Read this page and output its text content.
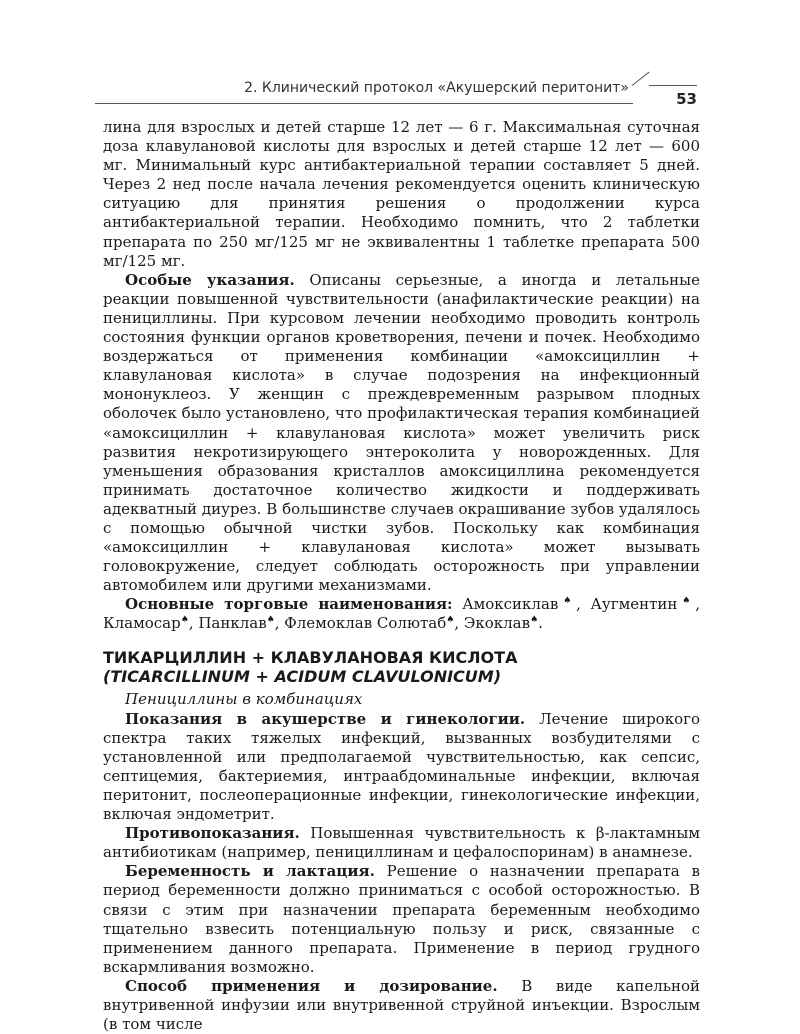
2. Клинический протокол «Акушерский перитонит»
53

лина для взрослых и детей старше 12 лет — 6 г. Максимальная суточная доза клавулановой кислоты для взрослых и детей старше 12 лет — 600 мг. Минимальный курс антибактериальной терапии составляет 5 дней. Через 2 нед после начала лечения рекомендуется оценить клиническую ситуацию для принятия решения о продолжении курса антибактериальной терапии. Необходимо помнить, что 2 таблетки препарата по 250 мг/125 мг не эквивалентны 1 таблетке препарата 500 мг/125 мг.

Особые указания. Описаны серьезные, а иногда и летальные реакции повышенной чувствительности (анафилактические реакции) на пенициллины. При курсовом лечении необходимо проводить контроль состояния функции органов кроветворения, печени и почек. Необходимо воздержаться от применения комбинации «амоксициллин + клавулановая кислота» в случае подозрения на инфекционный мононуклеоз. У женщин с преждевременным разрывом плодных оболочек было установлено, что профилактическая терапия комбинацией «амоксициллин + клавулановая кислота» может увеличить риск развития некротизирующего энтероколита у новорожденных. Для уменьшения образования кристаллов амоксициллина рекомендуется принимать достаточное количество жидкости и поддерживать адекватный диурез. В большинстве случаев окрашивание зубов удалялось с помощью обычной чистки зубов. Поскольку как комбинация «амоксициллин + клавулановая кислота» может вызывать головокружение, следует соблюдать осторожность при управлении автомобилем или другими механизмами.

Основные торговые наименования: Амоксиклав♠, Аугментин♠, Кламосар♠, Панклав♠, Флемоклав Солютаб♠, Экоклав♠.

ТИКАРЦИЛЛИН + КЛАВУЛАНОВАЯ КИСЛОТА
(TICARCILLINUM + ACIDUM CLAVULONICUM)
Пенициллины в комбинациях

Показания в акушерстве и гинекологии. Лечение широкого спектра таких тяжелых инфекций, вызванных возбудителями с установленной или предполагаемой чувствительностью, как сепсис, септицемия, бактериемия, интраабдоминальные инфекции, включая перитонит, послеоперационные инфекции, гинекологические инфекции, включая эндометрит.

Противопоказания. Повышенная чувствительность к β-лактамным антибиотикам (например, пенициллинам и цефалоспоринам) в анамнезе.

Беременность и лактация. Решение о назначении препарата в период беременности должно приниматься с особой осторожностью. В связи с этим при назначении препарата беременным необходимо тщательно взвесить потенциальную пользу и риск, связанные с применением данного препарата. Применение в период грудного вскармливания возможно.

Способ применения и дозирование. В виде капельной внутривенной инфузии или внутривенной струйной инъекции. Взрослым (в том числе
